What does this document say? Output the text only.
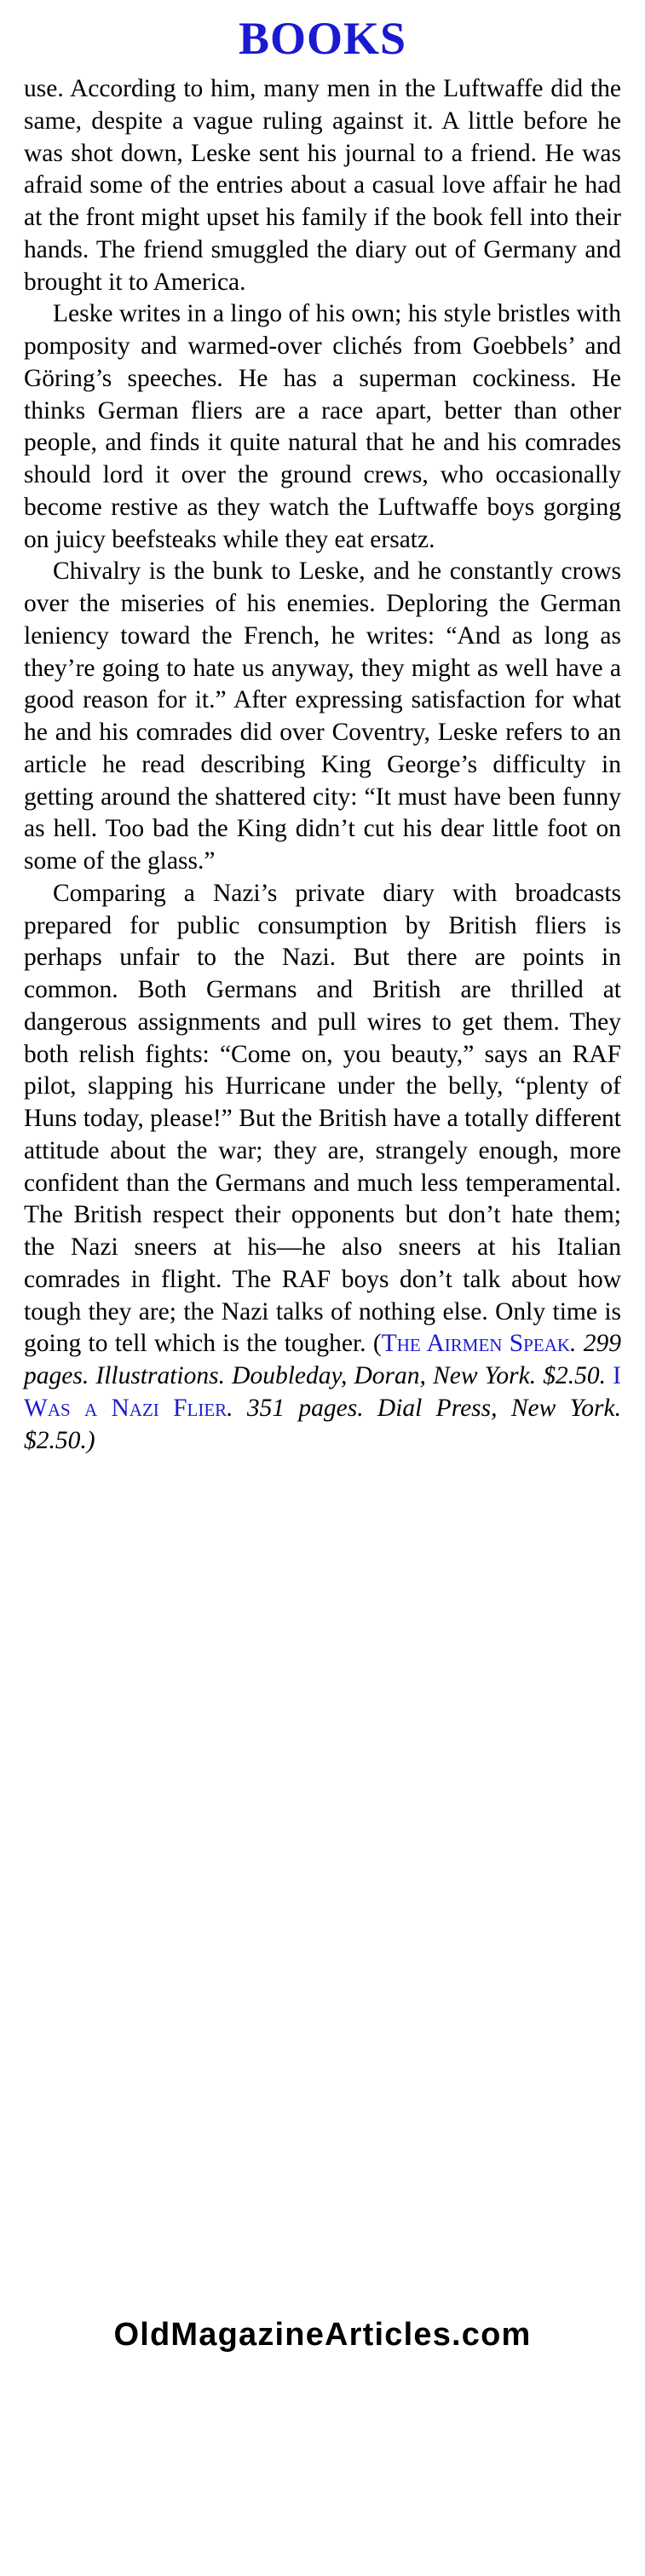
BOOKS

use. According to him, many men in the Luftwaffe did the same, despite a vague ruling against it. A little before he was shot down, Leske sent his journal to a friend. He was afraid some of the entries about a casual love affair he had at the front might upset his family if the book fell into their hands. The friend smuggled the diary out of Germany and brought it to America.

Leske writes in a lingo of his own; his style bristles with pomposity and warmed-over clichés from Goebbels’ and Göring’s speeches. He has a superman cockiness. He thinks German fliers are a race apart, better than other people, and finds it quite natural that he and his comrades should lord it over the ground crews, who occasionally become restive as they watch the Luftwaffe boys gorging on juicy beefsteaks while they eat ersatz.

Chivalry is the bunk to Leske, and he constantly crows over the miseries of his enemies. Deploring the German leniency toward the French, he writes: “And as long as they’re going to hate us anyway, they might as well have a good reason for it.” After expressing satisfaction for what he and his comrades did over Coventry, Leske refers to an article he read describing King George’s difficulty in getting around the shattered city: “It must have been funny as hell. Too bad the King didn’t cut his dear little foot on some of the glass.”

Comparing a Nazi’s private diary with broadcasts prepared for public consumption by British fliers is perhaps unfair to the Nazi. But there are points in common. Both Germans and British are thrilled at dangerous assignments and pull wires to get them. They both relish fights: “Come on, you beauty,” says an RAF pilot, slapping his Hurricane under the belly, “plenty of Huns today, please!” But the British have a totally different attitude about the war; they are, strangely enough, more confident than the Germans and much less temperamental. The British respect their opponents but don’t hate them; the Nazi sneers at his—he also sneers at his Italian comrades in flight. The RAF boys don’t talk about how tough they are; the Nazi talks of nothing else. Only time is going to tell which is the tougher. (The Airmen Speak. 299 pages. Illustrations. Doubleday, Doran, New York. $2.50. I Was a Nazi Flier. 351 pages. Dial Press, New York. $2.50.)

OldMagazineArticles.com
